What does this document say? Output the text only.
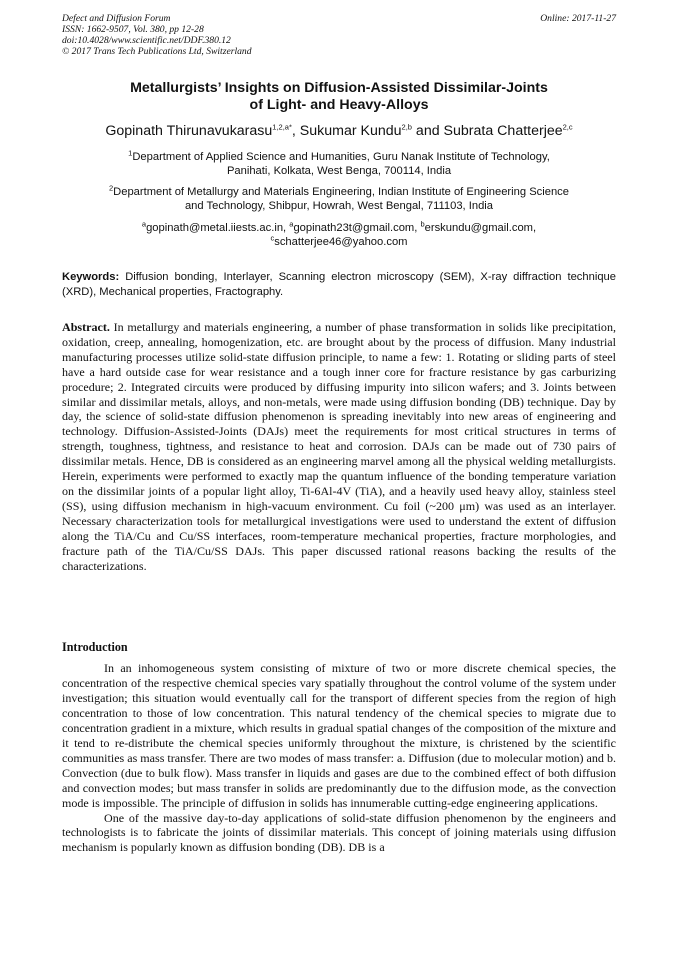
Defect and Diffusion Forum
ISSN: 1662-9507, Vol. 380, pp 12-28
doi:10.4028/www.scientific.net/DDF.380.12
© 2017 Trans Tech Publications Ltd, Switzerland
Online: 2017-11-27
Metallurgists’ Insights on Diffusion-Assisted Dissimilar-Joints
of Light- and Heavy-Alloys
Gopinath Thirunavukarasu$^{1,2,a*}$, Sukumar Kundu$^{2,b}$ and Subrata Chatterjee$^{2,c}$
$^1$Department of Applied Science and Humanities, Guru Nanak Institute of Technology,
Panihati, Kolkata, West Benga, 700114, India
$^2$Department of Metallurgy and Materials Engineering, Indian Institute of Engineering Science
and Technology, Shibpur, Howrah, West Bengal, 711103, India
$^a$gopinath@metal.iiests.ac.in, $^a$gopinath23t@gmail.com, $^b$erskundu@gmail.com,
$^c$schatterjee46@yahoo.com
Keywords: Diffusion bonding, Interlayer, Scanning electron microscopy (SEM), X-ray diffraction technique (XRD), Mechanical properties, Fractography.
Abstract. In metallurgy and materials engineering, a number of phase transformation in solids like precipitation, oxidation, creep, annealing, homogenization, etc. are brought about by the process of diffusion. Many industrial manufacturing processes utilize solid-state diffusion principle, to name a few: 1. Rotating or sliding parts of steel have a hard outside case for wear resistance and a tough inner core for fracture resistance by gas carburizing procedure; 2. Integrated circuits were produced by diffusing impurity into silicon wafers; and 3. Joints between similar and dissimilar metals, alloys, and non-metals, were made using diffusion bonding (DB) technique. Day by day, the science of solid-state diffusion phenomenon is spreading inevitably into new areas of engineering and technology. Diffusion-Assisted-Joints (DAJs) meet the requirements for most critical structures in terms of strength, toughness, tightness, and resistance to heat and corrosion. DAJs can be made out of 730 pairs of dissimilar metals. Hence, DB is considered as an engineering marvel among all the physical welding metallurgists. Herein, experiments were performed to exactly map the quantum influence of the bonding temperature variation on the dissimilar joints of a popular light alloy, Ti-6Al-4V (TiA), and a heavily used heavy alloy, stainless steel (SS), using diffusion mechanism in high-vacuum environment. Cu foil (~200 μm) was used as an interlayer. Necessary characterization tools for metallurgical investigations were used to understand the extent of diffusion along the TiA/Cu and Cu/SS interfaces, room-temperature mechanical properties, fracture morphologies, and fracture path of the TiA/Cu/SS DAJs. This paper discussed rational reasons backing the results of the characterizations.
Introduction

In an inhomogeneous system consisting of mixture of two or more discrete chemical species, the concentration of the respective chemical species vary spatially throughout the control volume of the system under investigation; this situation would eventually call for the transport of different species from the region of high concentration to those of low concentration. This natural tendency of the chemical species to migrate due to concentration gradient in a mixture, which results in gradual spatial changes of the composition of the mixture and it tend to re-distribute the chemical species uniformly throughout the mixture, is christened by the scientific communities as mass transfer. There are two modes of mass transfer: a. Diffusion (due to molecular motion) and b. Convection (due to bulk flow). Mass transfer in liquids and gases are due to the combined effect of both diffusion and convection modes; but mass transfer in solids are predominantly due to the diffusion mode, as the convection mode is impossible. The principle of diffusion in solids has innumerable cutting-edge engineering applications.

One of the massive day-to-day applications of solid-state diffusion phenomenon by the engineers and technologists is to fabricate the joints of dissimilar materials. This concept of joining materials using diffusion mechanism is popularly known as diffusion bonding (DB). DB is a
